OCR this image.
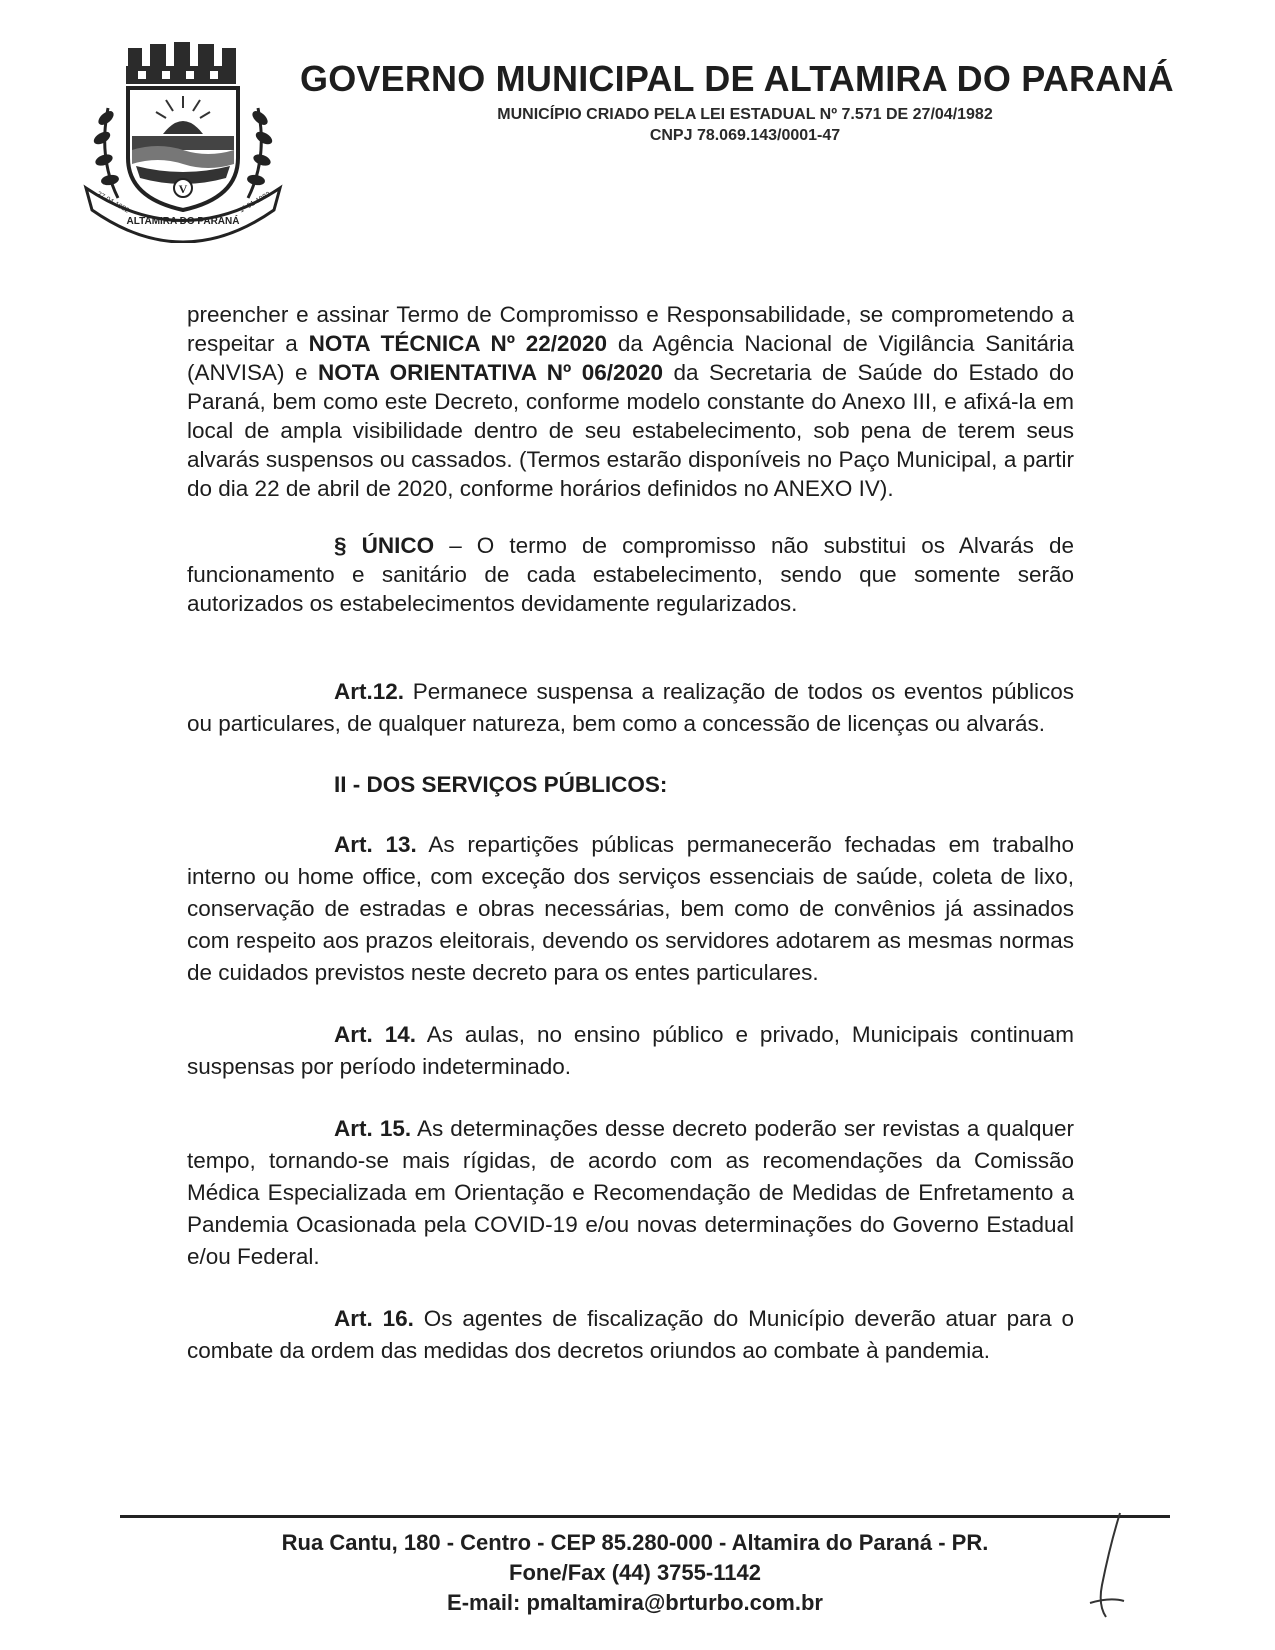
V
ALTAMIRA DO PARANÁ
27-04-1982	1º-01-1983
GOVERNO MUNICIPAL DE ALTAMIRA DO PARANÁ
MUNICÍPIO CRIADO PELA LEI ESTADUAL Nº 7.571 DE 27/04/1982
CNPJ 78.069.143/0001-47

preencher e assinar Termo de Compromisso e Responsabilidade, se comprometendo a respeitar a NOTA TÉCNICA Nº 22/2020 da Agência Nacional de Vigilância Sanitária (ANVISA) e NOTA ORIENTATIVA Nº 06/2020 da Secretaria de Saúde do Estado do Paraná, bem como este Decreto, conforme modelo constante do Anexo III, e afixá-la em local de ampla visibilidade dentro de seu estabelecimento, sob pena de terem seus alvarás suspensos ou cassados. (Termos estarão disponíveis no Paço Municipal, a partir do dia 22 de abril de 2020, conforme horários definidos no ANEXO IV).

§ ÚNICO – O termo de compromisso não substitui os Alvarás de funcionamento e sanitário de cada estabelecimento, sendo que somente serão autorizados os estabelecimentos devidamente regularizados.

Art.12. Permanece suspensa a realização de todos os eventos públicos ou particulares, de qualquer natureza, bem como a concessão de licenças ou alvarás.

II - DOS SERVIÇOS PÚBLICOS:

Art. 13. As repartições públicas permanecerão fechadas em trabalho interno ou home office, com exceção dos serviços essenciais de saúde, coleta de lixo, conservação de estradas e obras necessárias, bem como de convênios já assinados com respeito aos prazos eleitorais, devendo os servidores adotarem as mesmas normas de cuidados previstos neste decreto para os entes particulares.

Art. 14. As aulas, no ensino público e privado, Municipais continuam suspensas por período indeterminado.

Art. 15. As determinações desse decreto poderão ser revistas a qualquer tempo, tornando-se mais rígidas, de acordo com as recomendações da Comissão Médica Especializada em Orientação e Recomendação de Medidas de Enfretamento a Pandemia Ocasionada pela COVID-19 e/ou novas determinações do Governo Estadual e/ou Federal.

Art. 16. Os agentes de fiscalização do Município deverão atuar para o combate da ordem das medidas dos decretos oriundos ao combate à pandemia.

Rua Cantu, 180 - Centro - CEP 85.280-000 - Altamira do Paraná - PR.
Fone/Fax (44) 3755-1142
E-mail: pmaltamira@brturbo.com.br
